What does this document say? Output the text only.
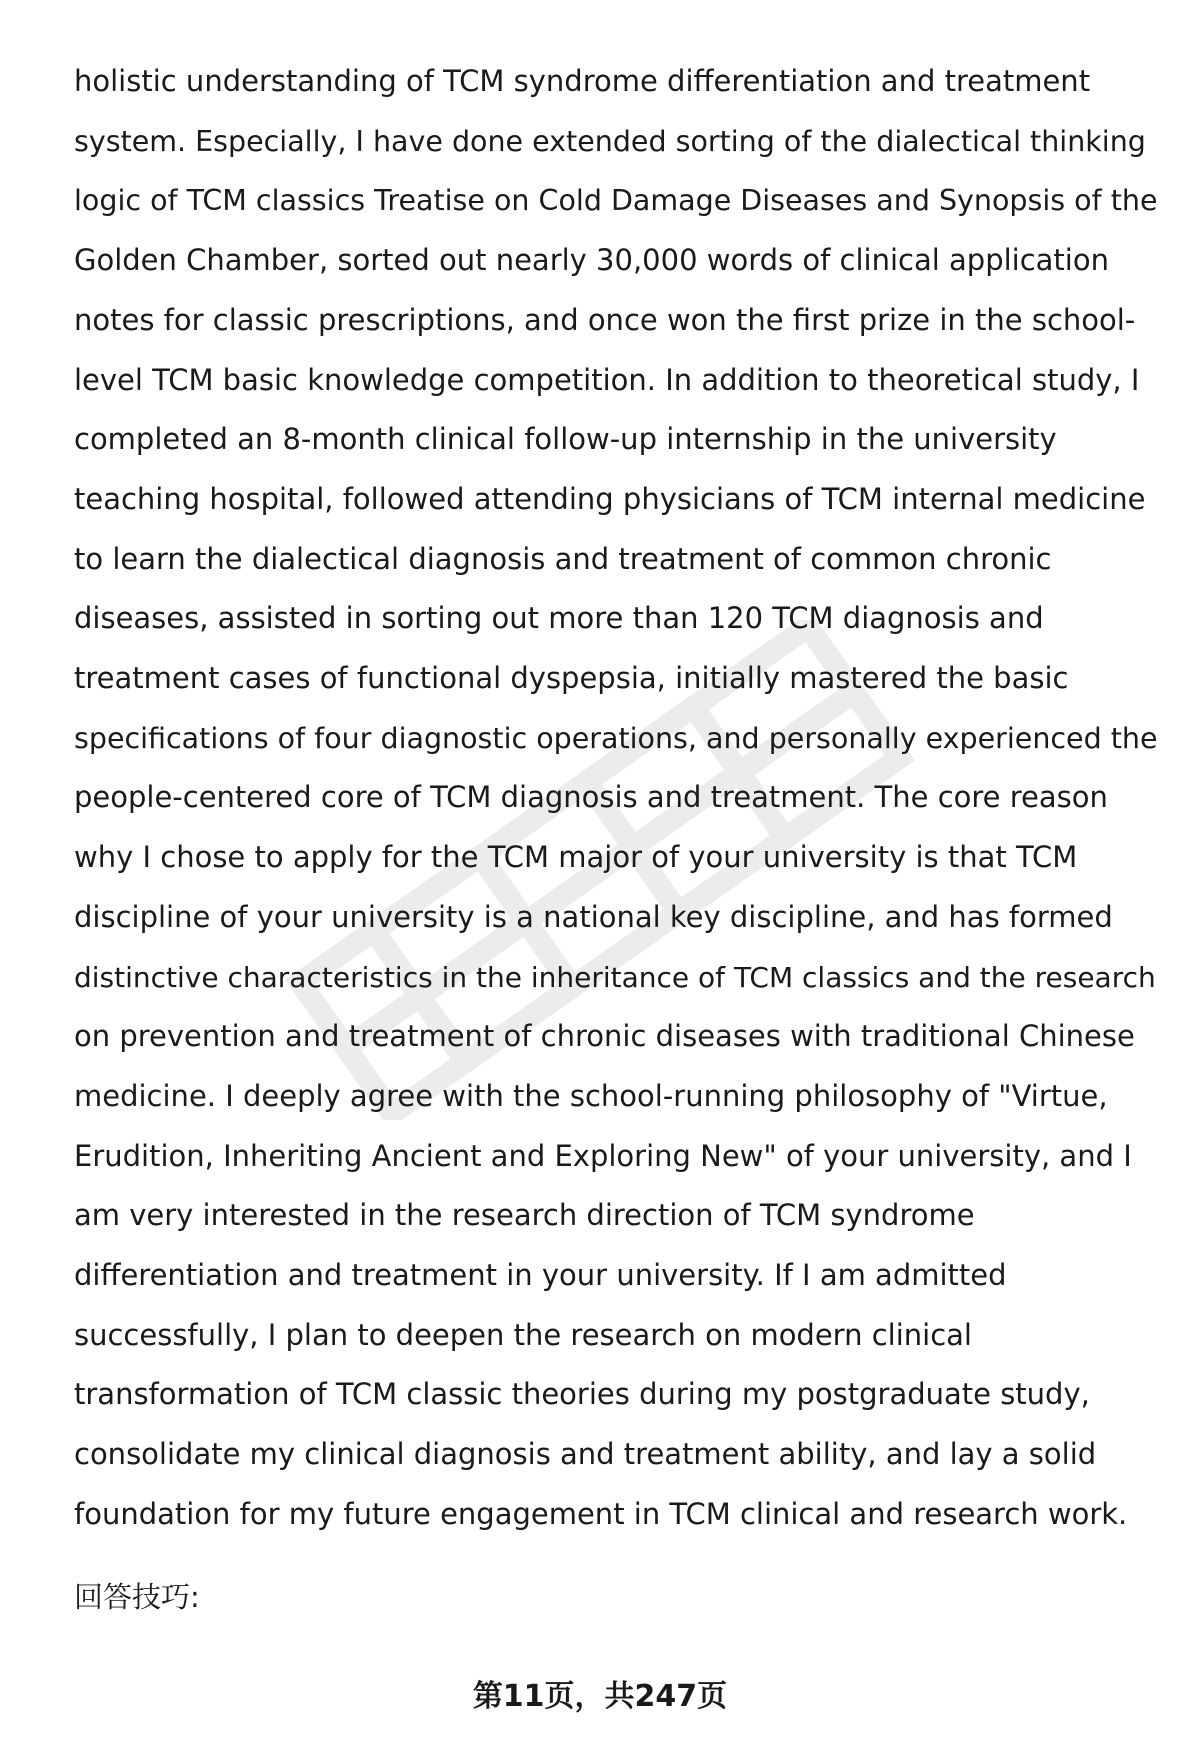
holistic understanding of TCM syndrome differentiation and treatment
system. Especially, I have done extended sorting of the dialectical thinking
logic of TCM classics Treatise on Cold Damage Diseases and Synopsis of the
Golden Chamber, sorted out nearly 30,000 words of clinical application
notes for classic prescriptions, and once won the first prize in the school-
level TCM basic knowledge competition. In addition to theoretical study, I
completed an 8-month clinical follow-up internship in the university
teaching hospital, followed attending physicians of TCM internal medicine
to learn the dialectical diagnosis and treatment of common chronic
diseases, assisted in sorting out more than 120 TCM diagnosis and
treatment cases of functional dyspepsia, initially mastered the basic
specifications of four diagnostic operations, and personally experienced the
people-centered core of TCM diagnosis and treatment. The core reason
why I chose to apply for the TCM major of your university is that TCM
discipline of your university is a national key discipline, and has formed
distinctive characteristics in the inheritance of TCM classics and the research
on prevention and treatment of chronic diseases with traditional Chinese
medicine. I deeply agree with the school-running philosophy of "Virtue,
Erudition, Inheriting Ancient and Exploring New" of your university, and I
am very interested in the research direction of TCM syndrome
differentiation and treatment in your university. If I am admitted
successfully, I plan to deepen the research on modern clinical
transformation of TCM classic theories during my postgraduate study,
consolidate my clinical diagnosis and treatment ability, and lay a solid
foundation for my future engagement in TCM clinical and research work.

回答技巧:

第11页，共247页
